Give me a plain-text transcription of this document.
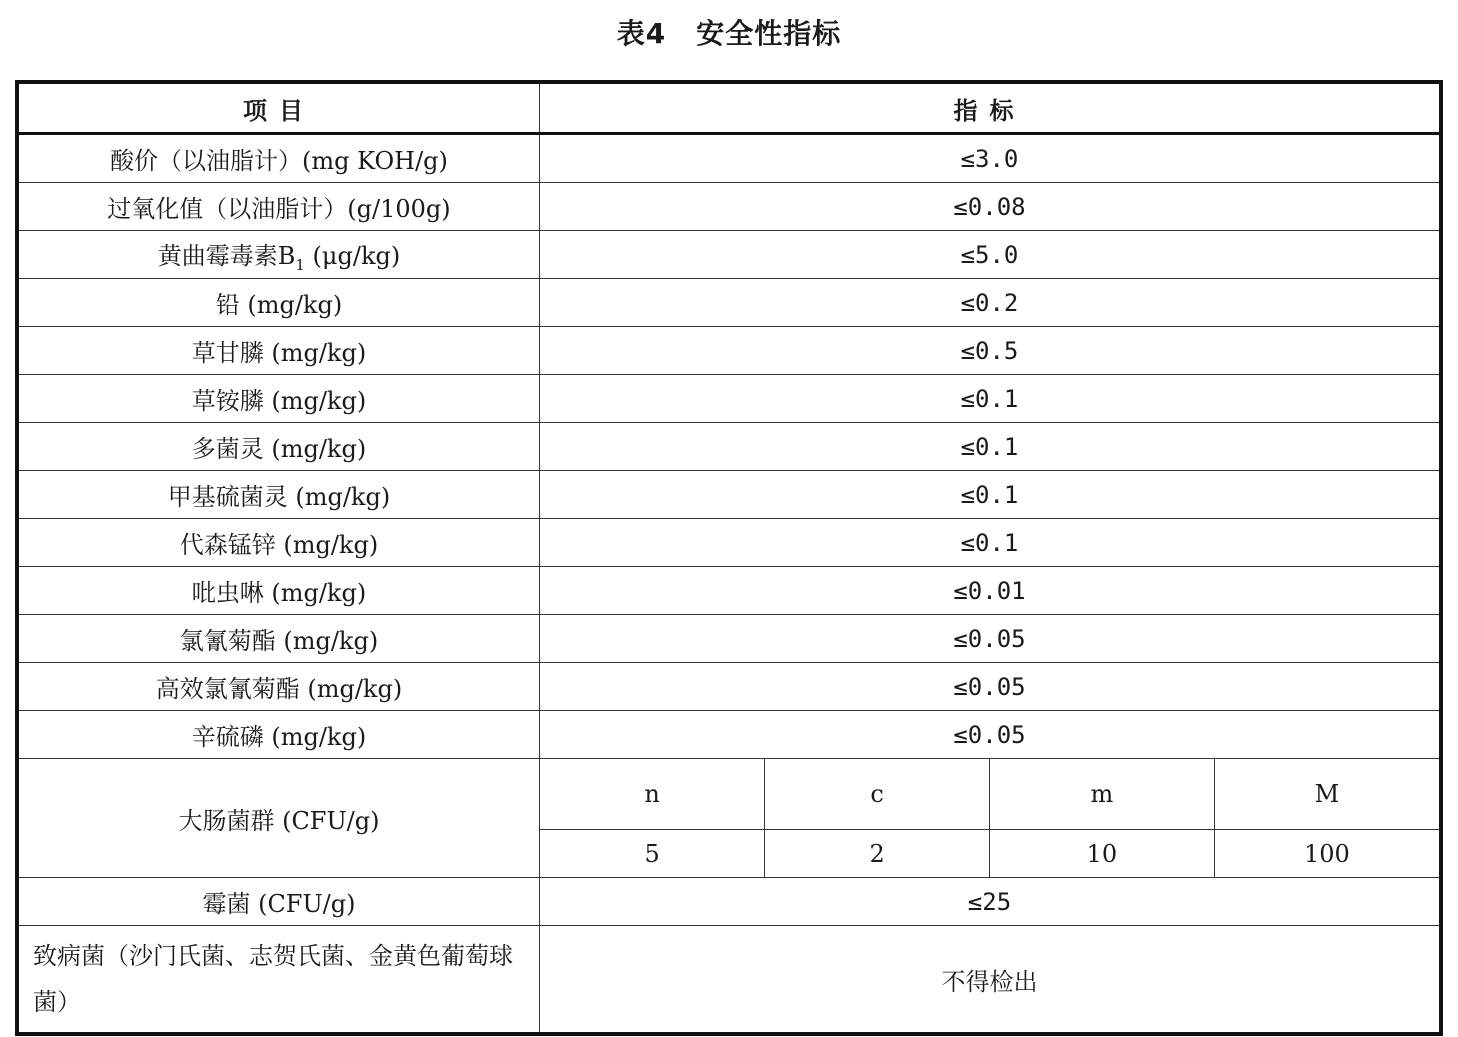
表4 安全性指标
项目	指标
酸价（以油脂计）(mg KOH/g)	≤3.0
过氧化值（以油脂计）(g/100g)	≤0.08
黄曲霉毒素$B_1$ (μg/kg)	≤5.0
铅 (mg/kg)	≤0.2
草甘膦 (mg/kg)	≤0.5
草铵膦 (mg/kg)	≤0.1
多菌灵 (mg/kg)	≤0.1
甲基硫菌灵 (mg/kg)	≤0.1
代森锰锌 (mg/kg)	≤0.1
吡虫啉 (mg/kg)	≤0.01
氯氰菊酯 (mg/kg)	≤0.05
高效氯氰菊酯 (mg/kg)	≤0.05
辛硫磷 (mg/kg)	≤0.05
大肠菌群 (CFU/g)	
n	c	m	M
5	2	10	100

霉菌 (CFU/g)	≤25
致病菌（沙门氏菌、志贺氏菌、金黄色葡萄球菌）	不得检出
